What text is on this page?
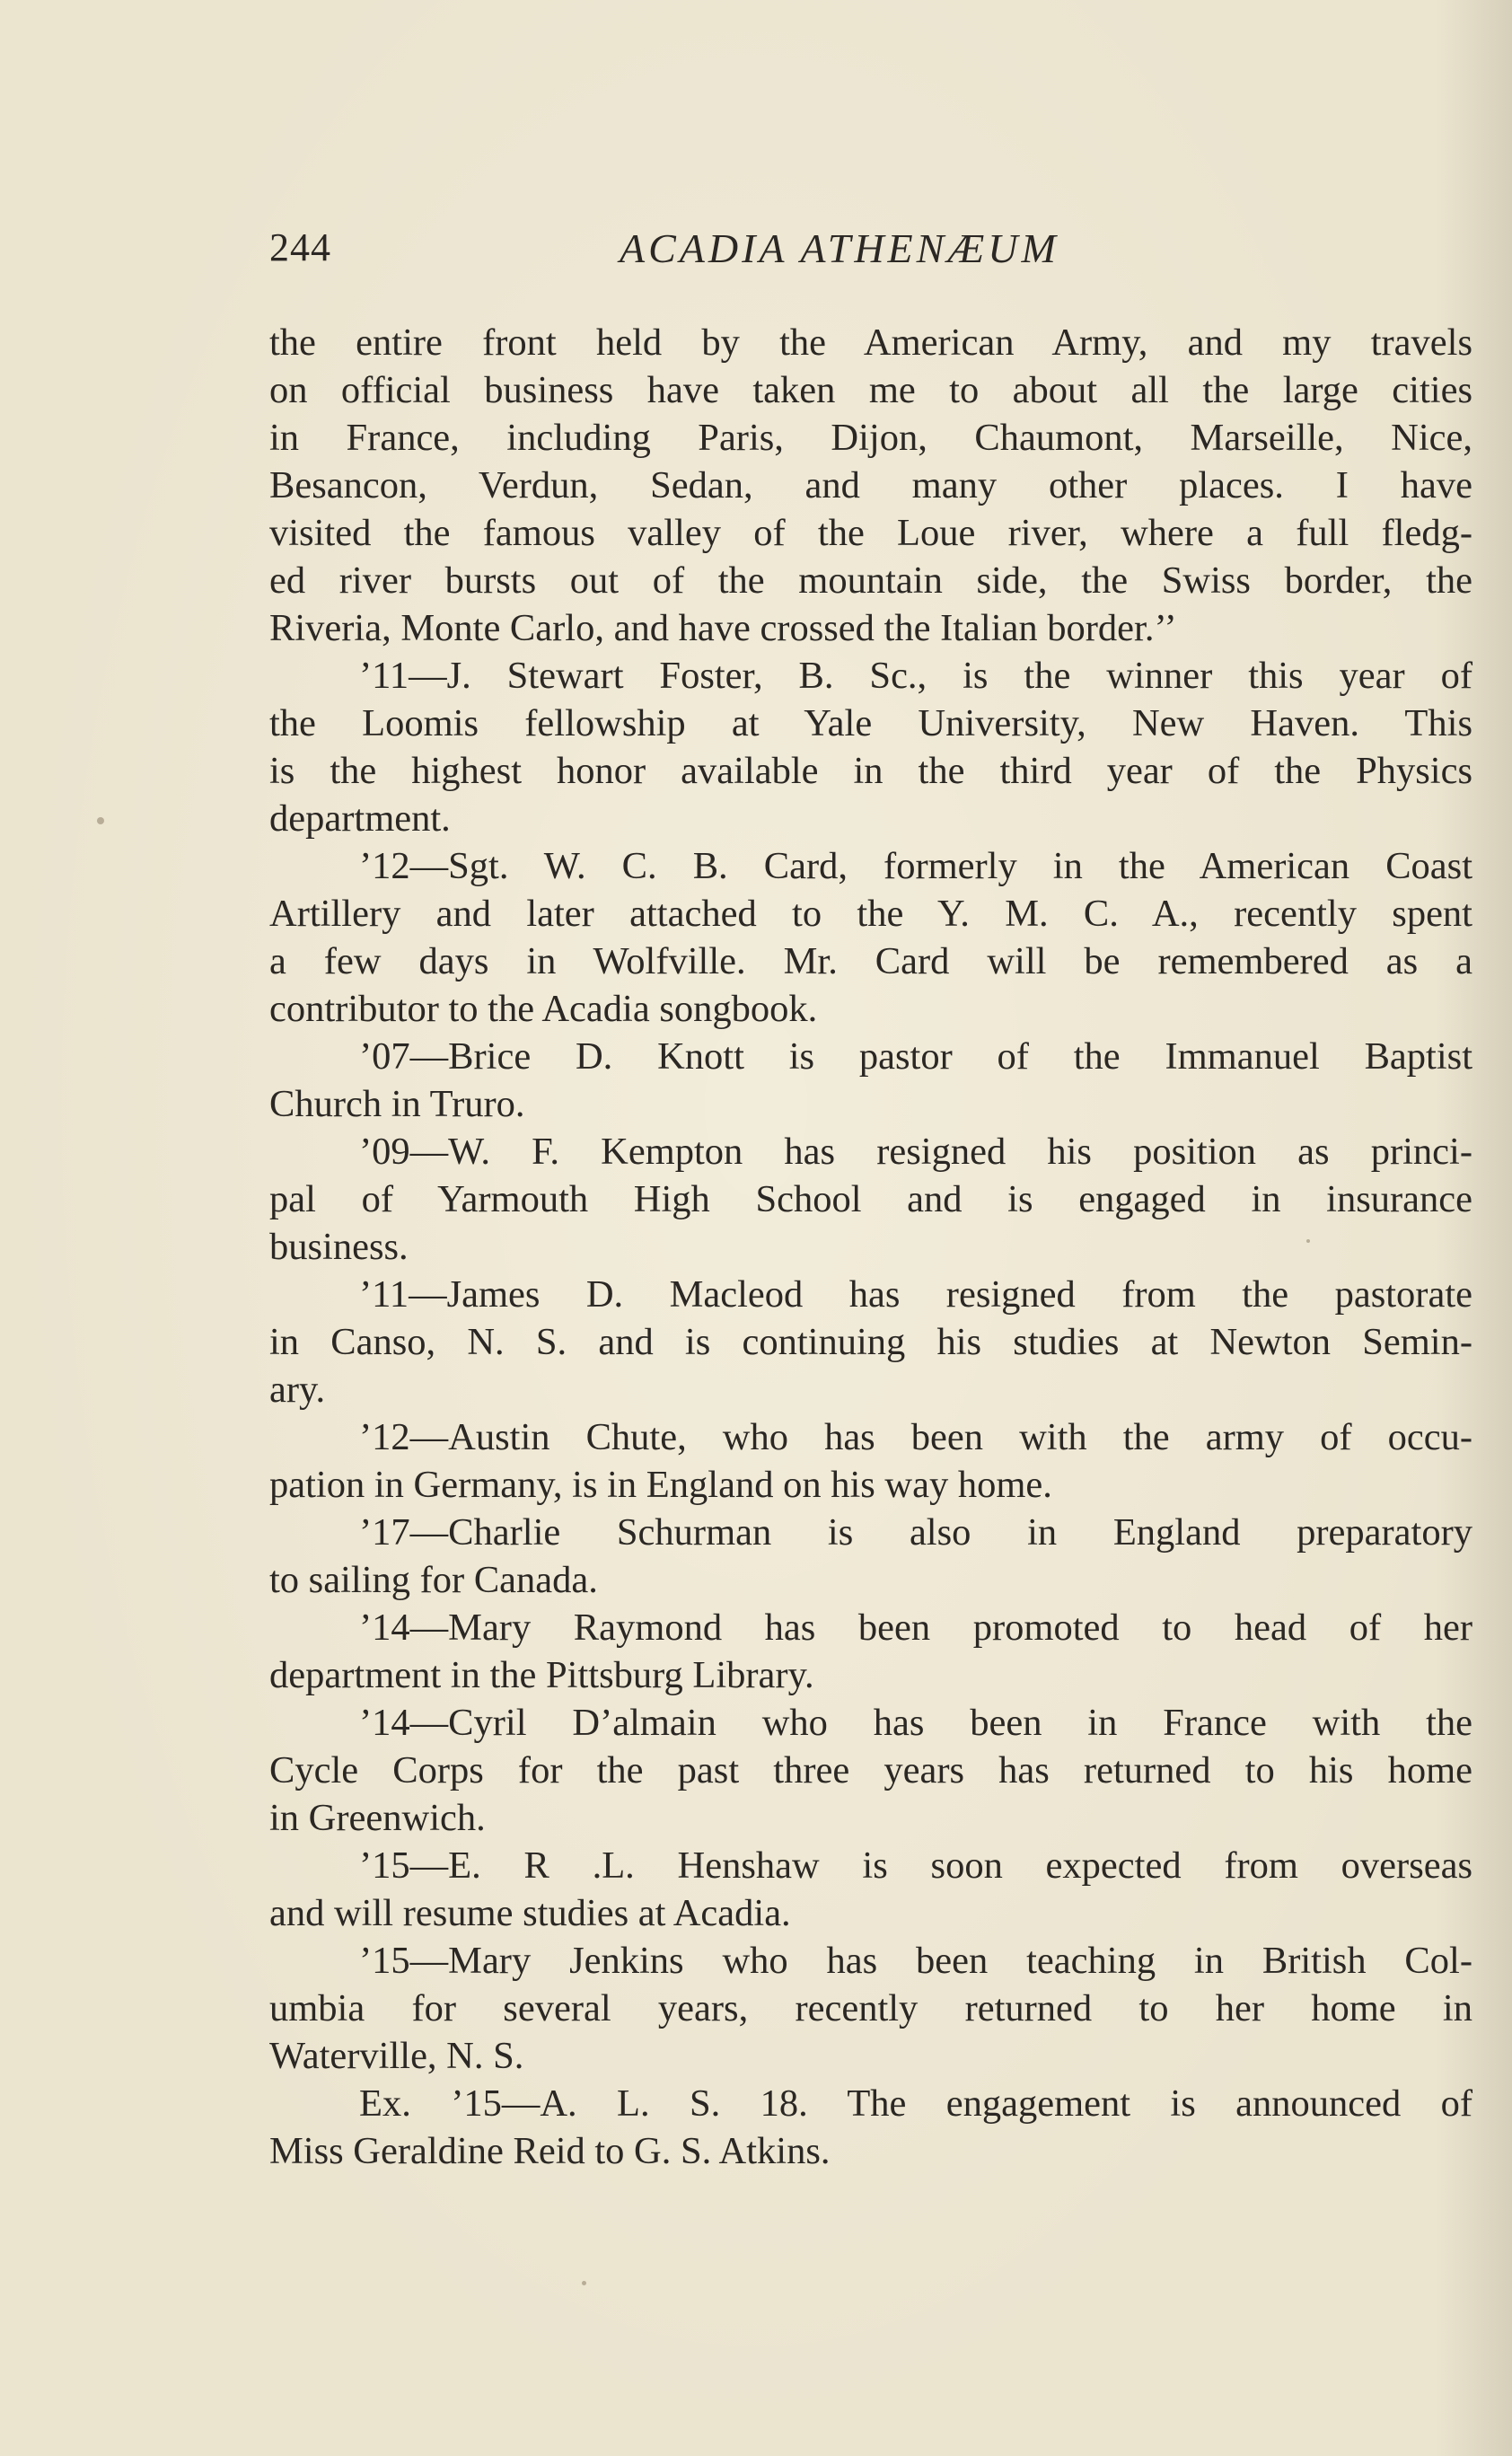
244	ACADIA ATHENÆUM
the entire front held by the American Army, and my travels
on official business have taken me to about all the large cities
in France, including Paris, Dijon, Chaumont, Marseille, Nice,
Besancon, Verdun, Sedan, and many other places. I have
visited the famous valley of the Loue river, where a full fledg-
ed river bursts out of the mountain side, the Swiss border, the
Riveria, Monte Carlo, and have crossed the Italian border.’’
’11—J. Stewart Foster, B. Sc., is the winner this year of
the Loomis fellowship at Yale University, New Haven. This
is the highest honor available in the third year of the Physics
department.
’12—Sgt. W. C. B. Card, formerly in the American Coast
Artillery and later attached to the Y. M. C. A., recently spent
a few days in Wolfville. Mr. Card will be remembered as a
contributor to the Acadia songbook.
’07—Brice D. Knott is pastor of the Immanuel Baptist
Church in Truro.
’09—W. F. Kempton has resigned his position as princi-
pal of Yarmouth High School and is engaged in insurance
business.
’11—James D. Macleod has resigned from the pastorate
in Canso, N. S. and is continuing his studies at Newton Semin-
ary.
’12—Austin Chute, who has been with the army of occu-
pation in Germany, is in England on his way home.
’17—Charlie Schurman is also in England preparatory
to sailing for Canada.
’14—Mary Raymond has been promoted to head of her
department in the Pittsburg Library.
’14—Cyril D’almain who has been in France with the
Cycle Corps for the past three years has returned to his home
in Greenwich.
’15—E. R .L. Henshaw is soon expected from overseas
and will resume studies at Acadia.
’15—Mary Jenkins who has been teaching in British Col-
umbia for several years, recently returned to her home in
Waterville, N. S.
Ex. ’15—A. L. S. 18. The engagement is announced of
Miss Geraldine Reid to G. S. Atkins.
